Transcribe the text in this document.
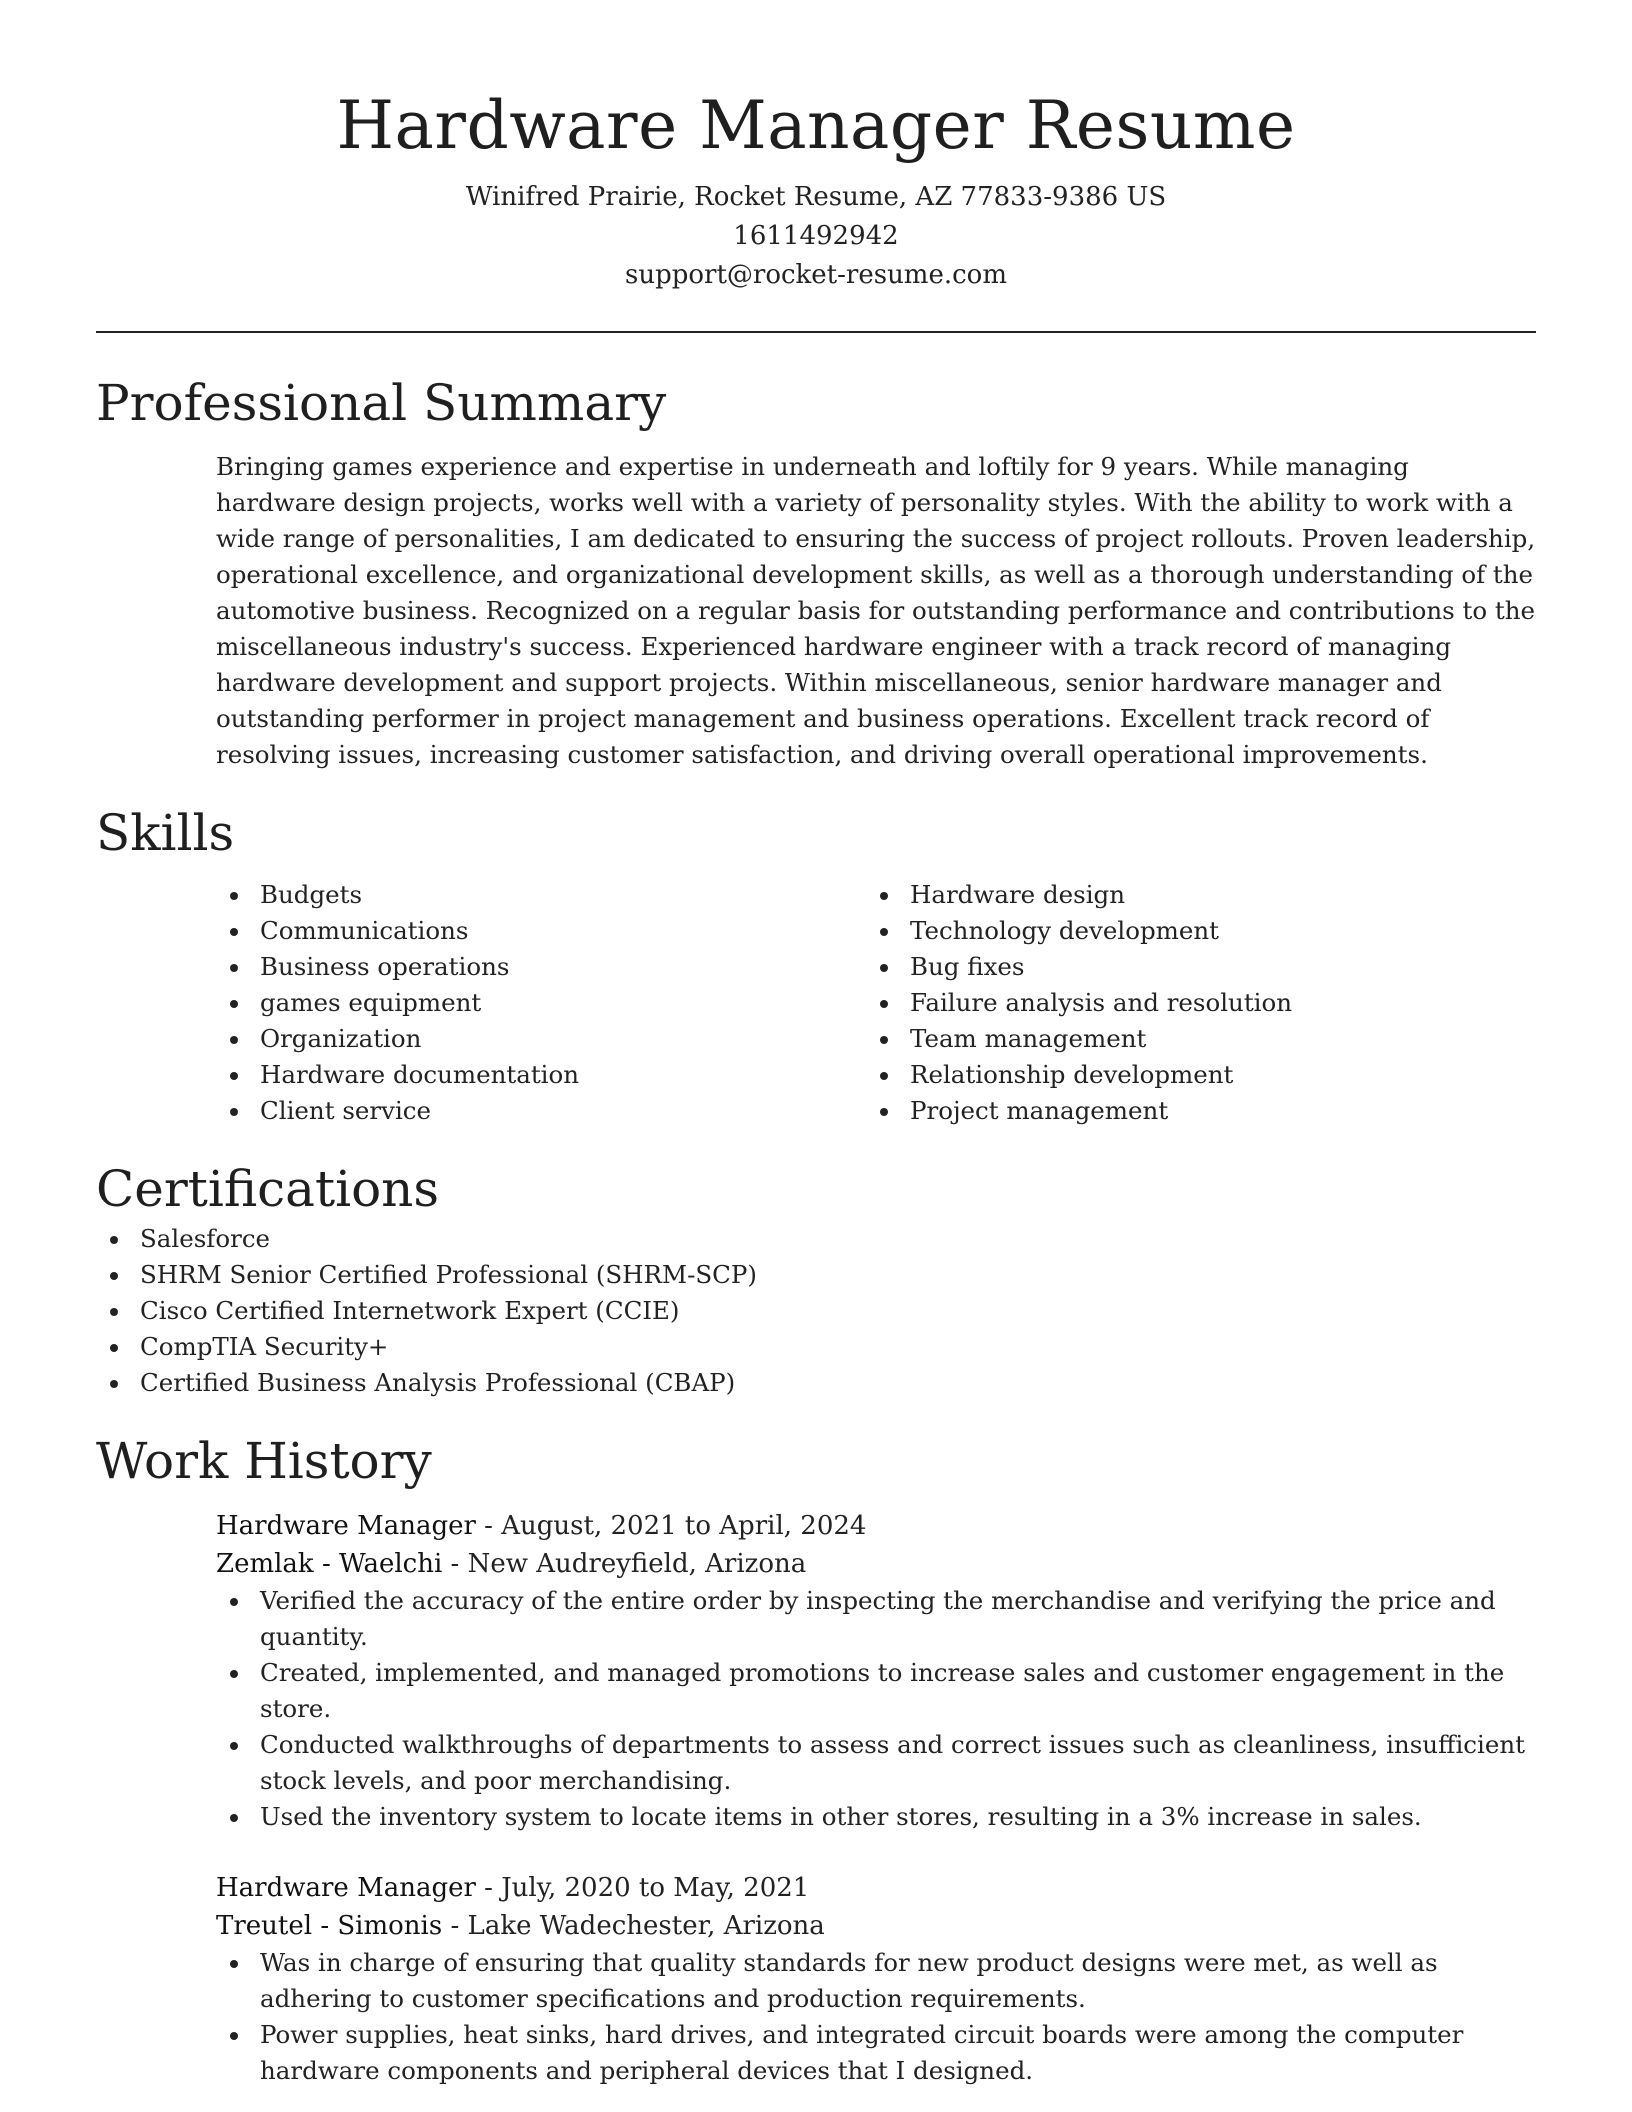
Hardware Manager Resume

Winifred Prairie, Rocket Resume, AZ 77833-9386 US

1611492942

support@rocket-resume.com

Professional Summary

Bringing games experience and expertise in underneath and loftily for 9 years. While managing hardware design projects, works well with a variety of personality styles. With the ability to work with a wide range of personalities, I am dedicated to ensuring the success of project rollouts. Proven leadership, operational excellence, and organizational development skills, as well as a thorough understanding of the automotive business. Recognized on a regular basis for outstanding performance and contributions to the miscellaneous industry's success. Experienced hardware engineer with a track record of managing hardware development and support projects. Within miscellaneous, senior hardware manager and outstanding performer in project management and business operations. Excellent track record of resolving issues, increasing customer satisfaction, and driving overall operational improvements.

Skills
Budgets
Communications
Business operations
games equipment
Organization
Hardware documentation
Client service
Hardware design
Technology development
Bug fixes
Failure analysis and resolution
Team management
Relationship development
Project management
Certifications
Salesforce
SHRM Senior Certified Professional (SHRM-SCP)
Cisco Certified Internetwork Expert (CCIE)
CompTIA Security+
Certified Business Analysis Professional (CBAP)
Work History
Hardware Manager - August, 2021 to April, 2024
Zemlak - Waelchi - New Audreyfield, Arizona
Verified the accuracy of the entire order by inspecting the merchandise and verifying the price and quantity.
Created, implemented, and managed promotions to increase sales and customer engagement in the store.
Conducted walkthroughs of departments to assess and correct issues such as cleanliness, insufficient stock levels, and poor merchandising.
Used the inventory system to locate items in other stores, resulting in a 3% increase in sales.
Hardware Manager - July, 2020 to May, 2021
Treutel - Simonis - Lake Wadechester, Arizona
Was in charge of ensuring that quality standards for new product designs were met, as well as adhering to customer specifications and production requirements.
Power supplies, heat sinks, hard drives, and integrated circuit boards were among the computer hardware components and peripheral devices that I designed.
